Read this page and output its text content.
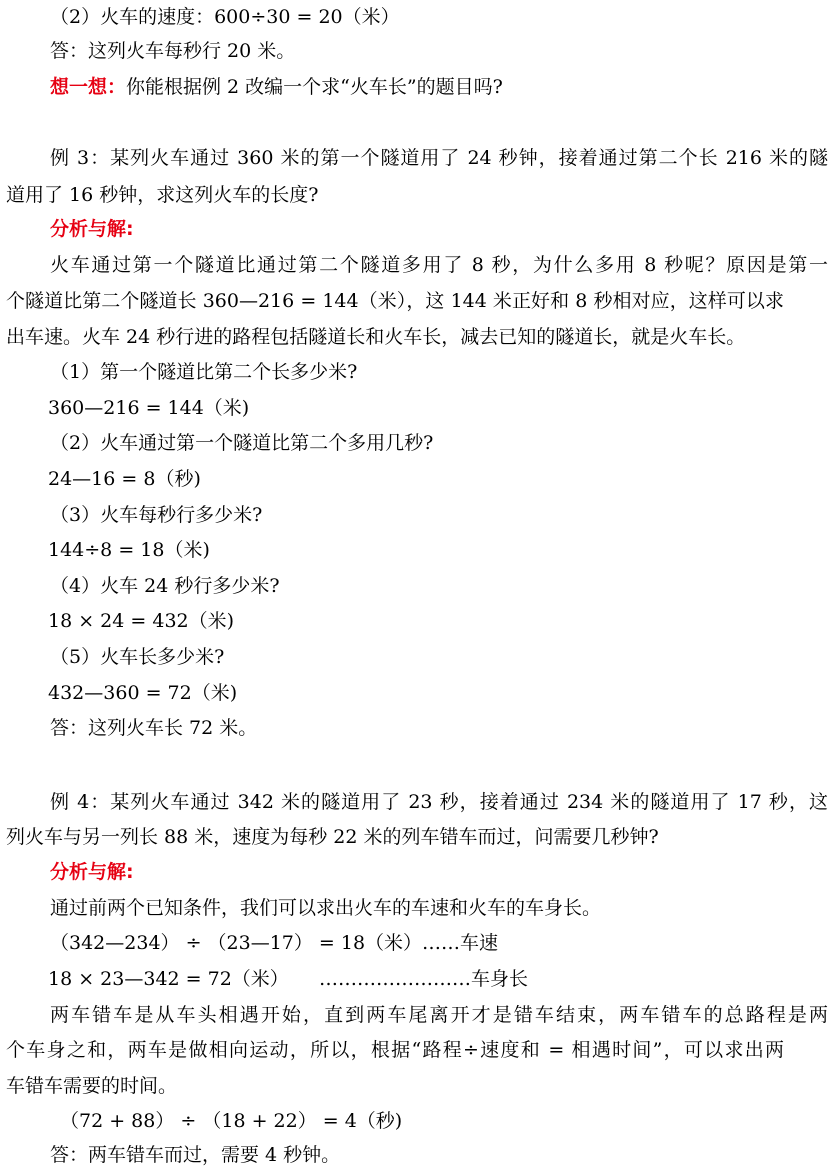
（2）火车的速度：600÷30 = 20（米）
答：这列火车每秒行 20 米。
想一想：你能根据例 2 改编一个求“火车长”的题目吗?
例 3：某列火车通过 360 米的第一个隧道用了 24 秒钟，接着通过第二个长 216 米的隧
道用了 16 秒钟，求这列火车的长度?
分析与解:
火车通过第一个隧道比通过第二个隧道多用了 8 秒，为什么多用 8 秒呢？原因是第一
个隧道比第二个隧道长 360—216 = 144（米），这 144 米正好和 8 秒相对应，这样可以求
出车速。火车 24 秒行进的路程包括隧道长和火车长，减去已知的隧道长，就是火车长。
（1）第一个隧道比第二个长多少米?
360—216 = 144（米)
（2）火车通过第一个隧道比第二个多用几秒?
24—16 = 8（秒)
（3）火车每秒行多少米?
144÷8 = 18（米)
（4）火车 24 秒行多少米?
18 × 24 = 432（米)
（5）火车长多少米?
432—360 = 72（米)
答：这列火车长 72 米。
例 4：某列火车通过 342 米的隧道用了 23 秒，接着通过 234 米的隧道用了 17 秒，这
列火车与另一列长 88 米，速度为每秒 22 米的列车错车而过，问需要几秒钟?
分析与解:
通过前两个已知条件，我们可以求出火车的车速和火车的车身长。
（342—234） ÷ （23—17） = 18（米）……车速
18 × 23—342 = 72（米）     ……………………车身长
两车错车是从车头相遇开始，直到两车尾离开才是错车结束，两车错车的总路程是两
个车身之和，两车是做相向运动，所以，根据“路程÷速度和 = 相遇时间”，可以求出两
车错车需要的时间。
（72 + 88） ÷ （18 + 22） = 4（秒)
答：两车错车而过，需要 4 秒钟。
